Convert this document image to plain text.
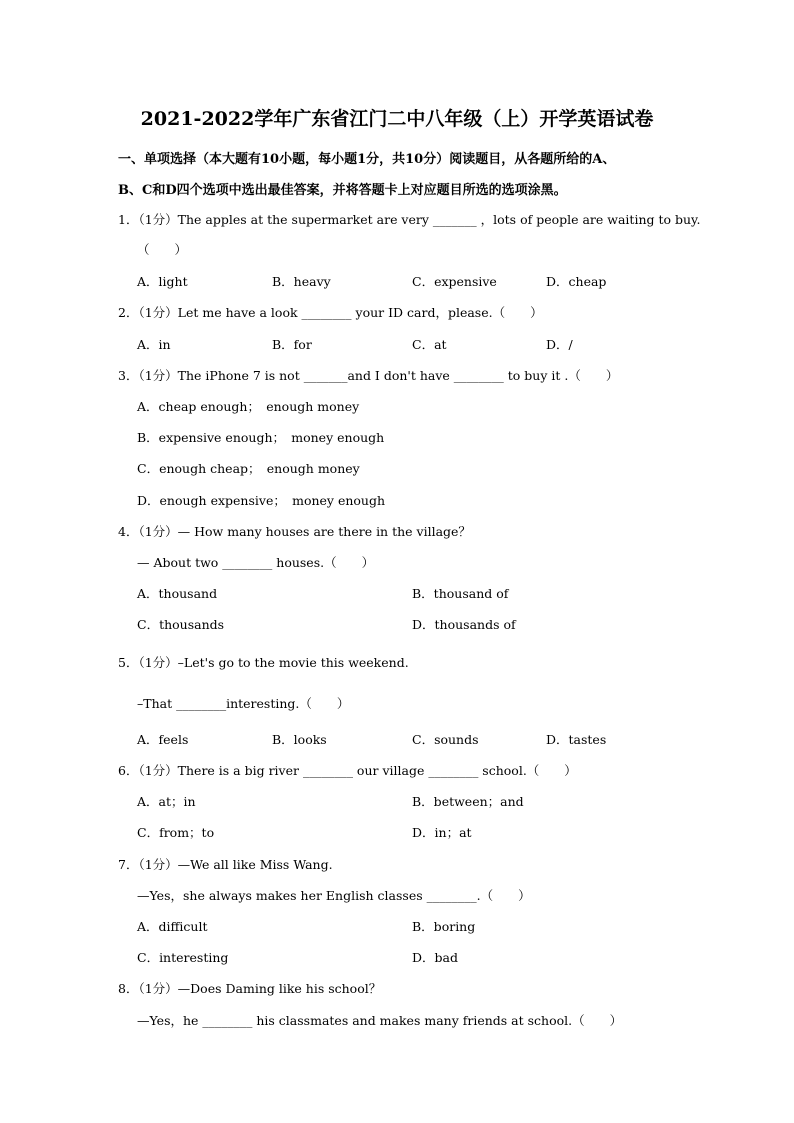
2021-2022学年广东省江门二中八年级（上）开学英语试卷
一、单项选择（本大题有10小题，每小题1分，共10分）阅读题目，从各题所给的A、
B、C和D四个选项中选出最佳答案，并将答题卡上对应题目所选的选项涂黑。
1．（1分）The apples at the supermarket are very _______ ，lots of people are waiting to buy.
（　　）
A．light	B．heavy	C．expensive	D．cheap
2．（1分）Let me have a look ________ your ID card，please.（　　）
A．in	B．for	C．at	D．/
3．（1分）The iPhone 7 is not _______and I don't have ________ to buy it .（　　）
A．cheap enough；　enough money
B．expensive enough；　money enough
C．enough cheap；　enough money
D．enough expensive；　money enough
4．（1分）— How many houses are there in the village？
— About two ________ houses.（　　）
A．thousand	B．thousand of
C．thousands	D．thousands of
5．（1分）–Let's go to the movie this weekend.
–That ________interesting.（　　）
A．feels	B．looks	C．sounds	D．tastes
6．（1分）There is a big river ________ our village ________ school.（　　）
A．at；in	B．between；and
C．from；to	D．in；at
7．（1分）—We all like Miss Wang.
—Yes，she always makes her English classes ________.（　　）
A．difficult	B．boring
C．interesting	D．bad
8．（1分）—Does Daming like his school？
—Yes，he ________ his classmates and makes many friends at school.（　　）
